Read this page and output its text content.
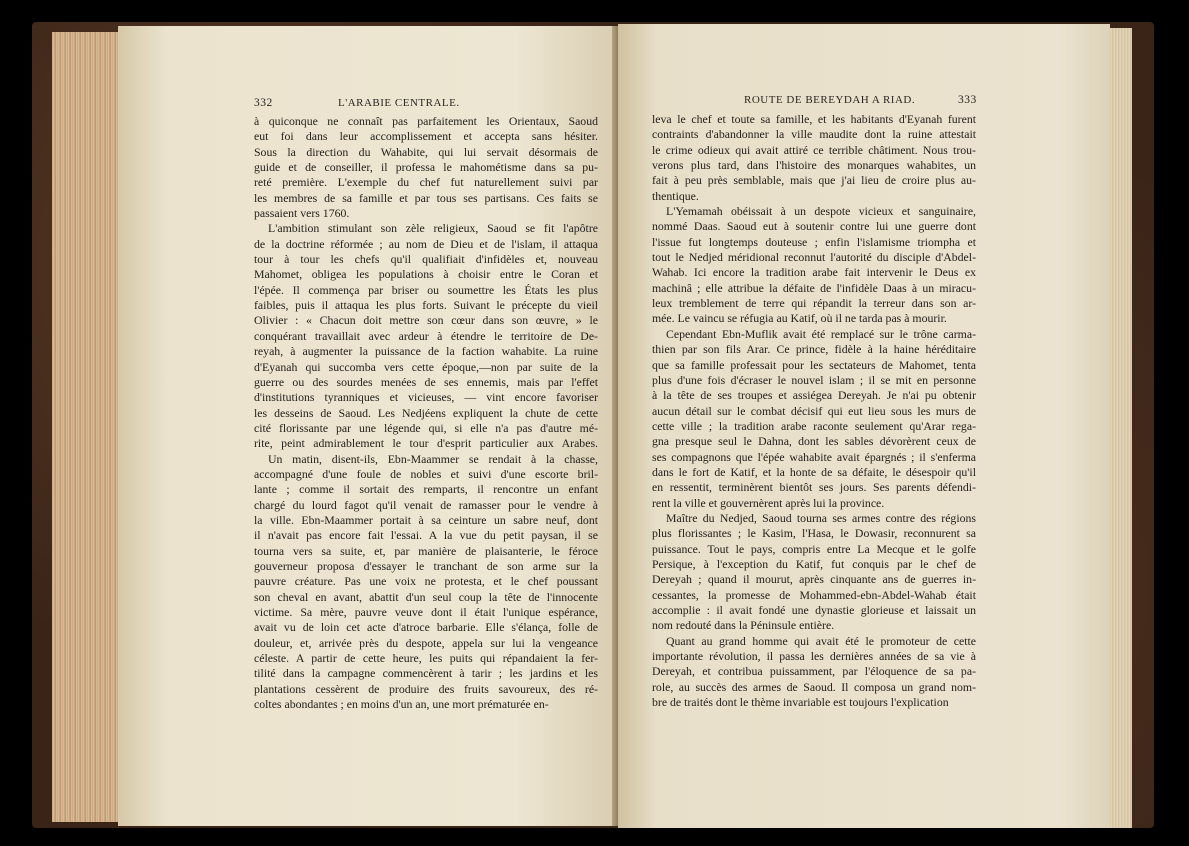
332	L'ARABIE CENTRALE.
à quiconque ne connaît pas parfaitement les Orientaux, Saoud
eut foi dans leur accomplissement et accepta sans hésiter.
Sous la direction du Wahabite, qui lui servait désormais de
guide et de conseiller, il professa le mahométisme dans sa pu-
reté première. L'exemple du chef fut naturellement suivi par
les membres de sa famille et par tous ses partisans. Ces faits se
passaient vers 1760.
L'ambition stimulant son zèle religieux, Saoud se fit l'apôtre
de la doctrine réformée ; au nom de Dieu et de l'islam, il attaqua
tour à tour les chefs qu'il qualifiait d'infidèles et, nouveau
Mahomet, obligea les populations à choisir entre le Coran et
l'épée. Il commença par briser ou soumettre les États les plus
faibles, puis il attaqua les plus forts. Suivant le précepte du vieil
Olivier : « Chacun doit mettre son cœur dans son œuvre, » le
conquérant travaillait avec ardeur à étendre le territoire de De-
reyah, à augmenter la puissance de la faction wahabite. La ruine
d'Eyanah qui succomba vers cette époque,—non par suite de la
guerre ou des sourdes menées de ses ennemis, mais par l'effet
d'institutions tyranniques et vicieuses, — vint encore favoriser
les desseins de Saoud. Les Nedjéens expliquent la chute de cette
cité florissante par une légende qui, si elle n'a pas d'autre mé-
rite, peint admirablement le tour d'esprit particulier aux Arabes.
Un matin, disent-ils, Ebn-Maammer se rendait à la chasse,
accompagné d'une foule de nobles et suivi d'une escorte bril-
lante ; comme il sortait des remparts, il rencontre un enfant
chargé du lourd fagot qu'il venait de ramasser pour le vendre à
la ville. Ebn-Maammer portait à sa ceinture un sabre neuf, dont
il n'avait pas encore fait l'essai. A la vue du petit paysan, il se
tourna vers sa suite, et, par manière de plaisanterie, le féroce
gouverneur proposa d'essayer le tranchant de son arme sur la
pauvre créature. Pas une voix ne protesta, et le chef poussant
son cheval en avant, abattit d'un seul coup la tête de l'innocente
victime. Sa mère, pauvre veuve dont il était l'unique espérance,
avait vu de loin cet acte d'atroce barbarie. Elle s'élança, folle de
douleur, et, arrivée près du despote, appela sur lui la vengeance
céleste. A partir de cette heure, les puits qui répandaient la fer-
tilité dans la campagne commencèrent à tarir ; les jardins et les
plantations cessèrent de produire des fruits savoureux, des ré-
coltes abondantes ; en moins d'un an, une mort prématurée en-
ROUTE DE BEREYDAH A RIAD.	333
leva le chef et toute sa famille, et les habitants d'Eyanah furent
contraints d'abandonner la ville maudite dont la ruine attestait
le crime odieux qui avait attiré ce terrible châtiment. Nous trou-
verons plus tard, dans l'histoire des monarques wahabites, un
fait à peu près semblable, mais que j'ai lieu de croire plus au-
thentique.
L'Yemamah obéissait à un despote vicieux et sanguinaire,
nommé Daas. Saoud eut à soutenir contre lui une guerre dont
l'issue fut longtemps douteuse ; enfin l'islamisme triompha et
tout le Nedjed méridional reconnut l'autorité du disciple d'Abdel-
Wahab. Ici encore la tradition arabe fait intervenir le Deus ex
machinâ ; elle attribue la défaite de l'infidèle Daas à un miracu-
leux tremblement de terre qui répandit la terreur dans son ar-
mée. Le vaincu se réfugia au Katif, où il ne tarda pas à mourir.
Cependant Ebn-Muflik avait été remplacé sur le trône carma-
thien par son fils Arar. Ce prince, fidèle à la haine héréditaire
que sa famille professait pour les sectateurs de Mahomet, tenta
plus d'une fois d'écraser le nouvel islam ; il se mit en personne
à la tête de ses troupes et assiégea Dereyah. Je n'ai pu obtenir
aucun détail sur le combat décisif qui eut lieu sous les murs de
cette ville ; la tradition arabe raconte seulement qu'Arar rega-
gna presque seul le Dahna, dont les sables dévorèrent ceux de
ses compagnons que l'épée wahabite avait épargnés ; il s'enferma
dans le fort de Katif, et la honte de sa défaite, le désespoir qu'il
en ressentit, terminèrent bientôt ses jours. Ses parents défendi-
rent la ville et gouvernèrent après lui la province.
Maître du Nedjed, Saoud tourna ses armes contre des régions
plus florissantes ; le Kasim, l'Hasa, le Dowasir, reconnurent sa
puissance. Tout le pays, compris entre La Mecque et le golfe
Persique, à l'exception du Katif, fut conquis par le chef de
Dereyah ; quand il mourut, après cinquante ans de guerres in-
cessantes, la promesse de Mohammed-ebn-Abdel-Wahab était
accomplie : il avait fondé une dynastie glorieuse et laissait un
nom redouté dans la Péninsule entière.
Quant au grand homme qui avait été le promoteur de cette
importante révolution, il passa les dernières années de sa vie à
Dereyah, et contribua puissamment, par l'éloquence de sa pa-
role, au succès des armes de Saoud. Il composa un grand nom-
bre de traités dont le thème invariable est toujours l'explication
